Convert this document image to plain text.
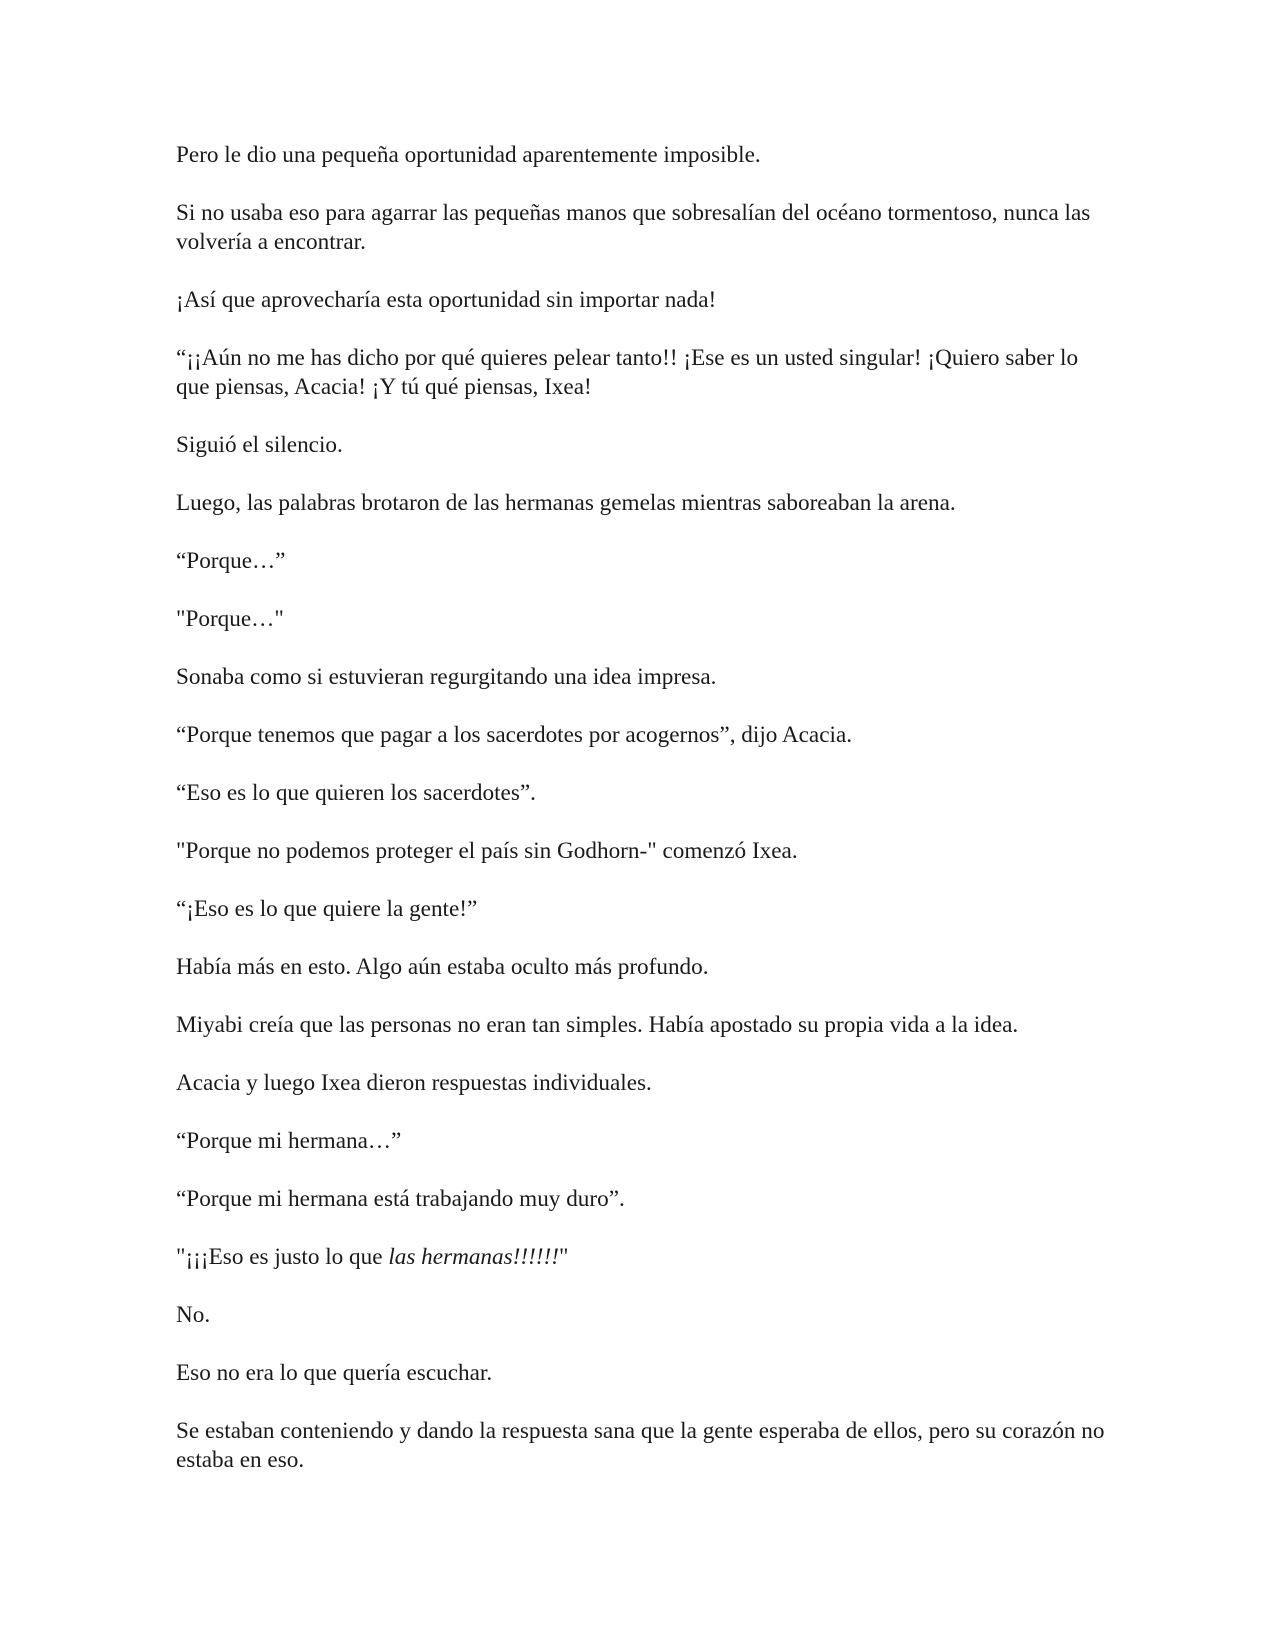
Pero le dio una pequeña oportunidad aparentemente imposible.

Si no usaba eso para agarrar las pequeñas manos que sobresalían del océano tormentoso, nunca las volvería a encontrar.

¡Así que aprovecharía esta oportunidad sin importar nada!

“¡¡Aún no me has dicho por qué quieres pelear tanto!! ¡Ese es un usted singular! ¡Quiero saber lo que piensas, Acacia! ¡Y tú qué piensas, Ixea!

Siguió el silencio.

Luego, las palabras brotaron de las hermanas gemelas mientras saboreaban la arena.

“Porque…”

"Porque…"

Sonaba como si estuvieran regurgitando una idea impresa.

“Porque tenemos que pagar a los sacerdotes por acogernos”, dijo Acacia.

“Eso es lo que quieren los sacerdotes”.

"Porque no podemos proteger el país sin Godhorn-" comenzó Ixea.

“¡Eso es lo que quiere la gente!”

Había más en esto. Algo aún estaba oculto más profundo.

Miyabi creía que las personas no eran tan simples. Había apostado su propia vida a la idea.

Acacia y luego Ixea dieron respuestas individuales.

“Porque mi hermana…”

“Porque mi hermana está trabajando muy duro”.

"¡¡¡Eso es justo lo que las hermanas!!!!!!"

No.

Eso no era lo que quería escuchar.

Se estaban conteniendo y dando la respuesta sana que la gente esperaba de ellos, pero su corazón no estaba en eso.
